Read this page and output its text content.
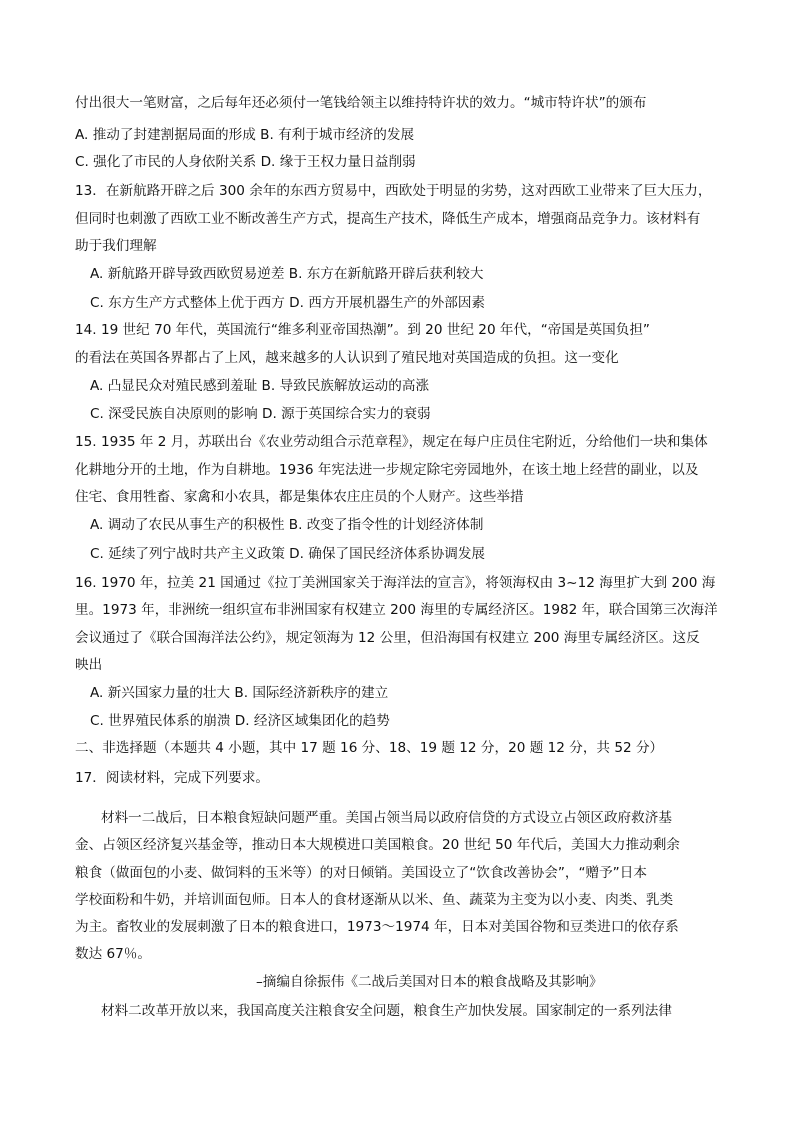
付出很大一笔财富，之后每年还必须付一笔钱给领主以维持特许状的效力。“城市特许状”的颁布
A. 推动了封建割据局面的形成 B. 有利于城市经济的发展
C. 强化了市民的人身依附关系 D. 缘于王权力量日益削弱
13．在新航路开辟之后 300 余年的东西方贸易中，西欧处于明显的劣势，这对西欧工业带来了巨大压力，
但同时也刺激了西欧工业不断改善生产方式，提高生产技术，降低生产成本，增强商品竞争力。该材料有
助于我们理解
A. 新航路开辟导致西欧贸易逆差 B. 东方在新航路开辟后获利较大
C. 东方生产方式整体上优于西方 D. 西方开展机器生产的外部因素
14. 19 世纪 70 年代，英国流行“维多利亚帝国热潮”。到 20 世纪 20 年代，“帝国是英国负担”
的看法在英国各界都占了上风，越来越多的人认识到了殖民地对英国造成的负担。这一变化
A. 凸显民众对殖民感到羞耻 B. 导致民族解放运动的高涨
C. 深受民族自决原则的影响 D. 源于英国综合实力的衰弱
15. 1935 年 2 月，苏联出台《农业劳动组合示范章程》，规定在每户庄员住宅附近，分给他们一块和集体
化耕地分开的土地，作为自耕地。1936 年宪法进一步规定除宅旁园地外，在该土地上经营的副业，以及
住宅、食用牲畜、家禽和小农具，都是集体农庄庄员的个人财产。这些举措
A. 调动了农民从事生产的积极性 B. 改变了指令性的计划经济体制
C. 延续了列宁战时共产主义政策 D. 确保了国民经济体系协调发展
16. 1970 年，拉美 21 国通过《拉丁美洲国家关于海洋法的宣言》，将领海权由 3~12 海里扩大到 200 海
里。1973 年，非洲统一组织宣布非洲国家有权建立 200 海里的专属经济区。1982 年，联合国第三次海洋
会议通过了《联合国海洋法公约》，规定领海为 12 公里，但沿海国有权建立 200 海里专属经济区。这反
映出
A. 新兴国家力量的壮大 B. 国际经济新秩序的建立
C. 世界殖民体系的崩溃 D. 经济区域集团化的趋势
二、非选择题（本题共 4 小题，其中 17 题 16 分、18、19 题 12 分，20 题 12 分，共 52 分）
17．阅读材料，完成下列要求。
材料一二战后，日本粮食短缺问题严重。美国占领当局以政府信贷的方式设立占领区政府救济基
金、占领区经济复兴基金等，推动日本大规模进口美国粮食。20 世纪 50 年代后，美国大力推动剩余
粮食（做面包的小麦、做饲料的玉米等）的对日倾销。美国设立了“饮食改善协会”，“赠予”日本
学校面粉和牛奶，并培训面包师。日本人的食材逐渐从以米、鱼、蔬菜为主变为以小麦、肉类、乳类
为主。畜牧业的发展刺激了日本的粮食进口，1973～1974 年，日本对美国谷物和豆类进口的依存系
数达 67％。
–摘编自徐振伟《二战后美国对日本的粮食战略及其影响》
材料二改革开放以来，我国高度关注粮食安全问题，粮食生产加快发展。国家制定的一系列法律
